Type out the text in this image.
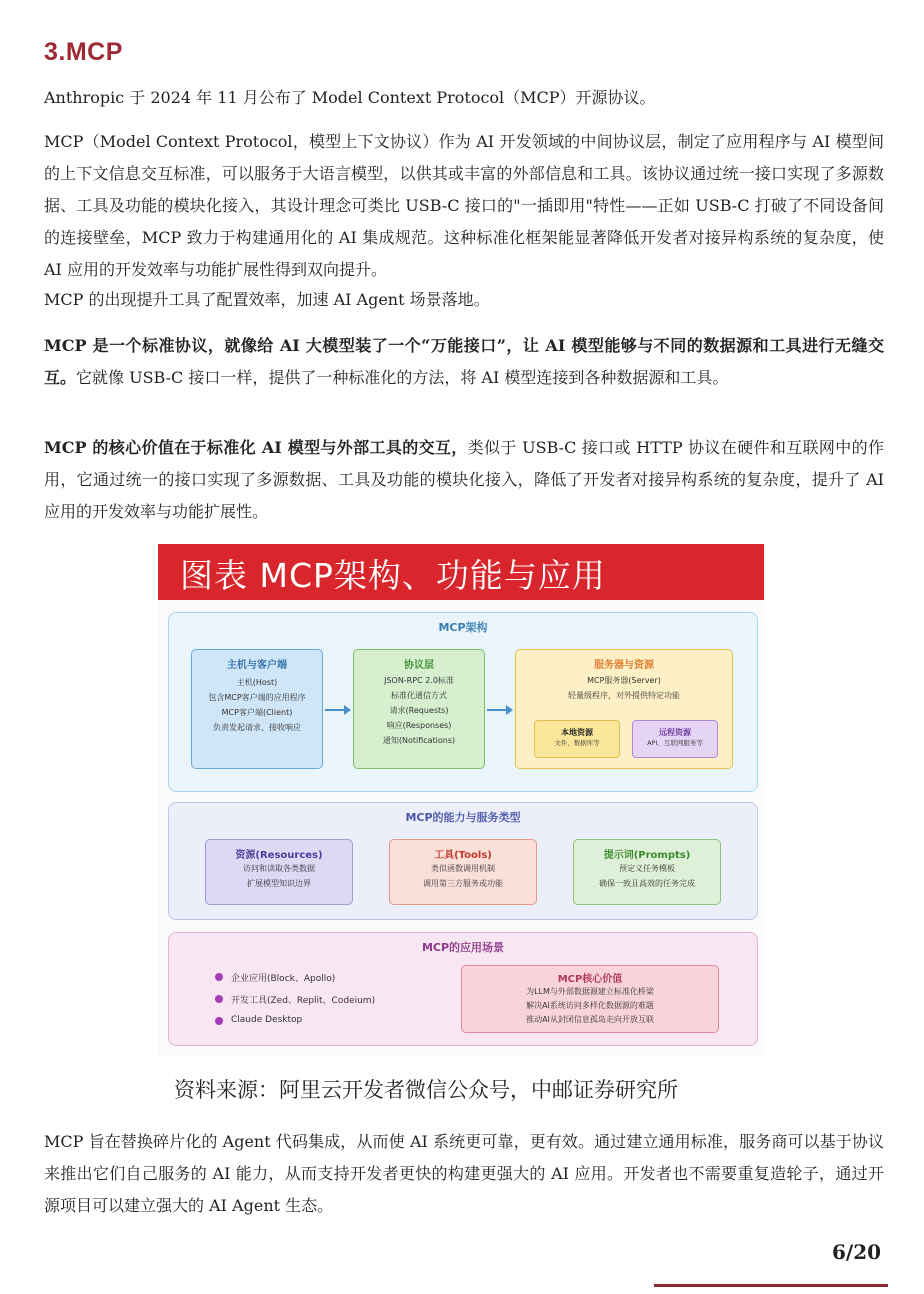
3.MCP

Anthropic 于 2024 年 11 月公布了 Model Context Protocol（MCP）开源协议。

MCP（Model Context Protocol，模型上下文协议）作为 AI 开发领域的中间协议层，制定了应用程序与 AI 模型间的上下文信息交互标准，可以服务于大语言模型，以供其或丰富的外部信息和工具。该协议通过统一接口实现了多源数据、工具及功能的模块化接入，其设计理念可类比 USB-C 接口的"一插即用"特性——正如 USB-C 打破了不同设备间的连接壁垒，MCP 致力于构建通用化的 AI 集成规范。这种标准化框架能显著降低开发者对接异构系统的复杂度，使 AI 应用的开发效率与功能扩展性得到双向提升。

MCP 的出现提升工具了配置效率，加速 AI Agent 场景落地。

MCP 是一个标准协议，就像给 AI 大模型装了一个“万能接口”，让 AI 模型能够与不同的数据源和工具进行无缝交互。它就像 USB-C 接口一样，提供了一种标准化的方法，将 AI 模型连接到各种数据源和工具。

MCP 的核心价值在于标准化 AI 模型与外部工具的交互，类似于 USB-C 接口或 HTTP 协议在硬件和互联网中的作用，它通过统一的接口实现了多源数据、工具及功能的模块化接入，降低了开发者对接异构系统的复杂度，提升了 AI 应用的开发效率与功能扩展性。

图表 MCP架构、功能与应用
MCP架构
主机与客户端
主机(Host)
包含MCP客户端的应用程序
MCP客户端(Client)
负责发起请求、接收响应
协议层
JSON-RPC 2.0标准
标准化通信方式
请求(Requests)
响应(Responses)
通知(Notifications)
服务器与资源
MCP服务器(Server)
轻量级程序，对外提供特定功能
本地资源
文件、数据库等
远程资源
API、互联网服务等
MCP的能力与服务类型
资源(Resources)
访问和读取各类数据
扩展模型知识边界
工具(Tools)
类似函数调用机制
调用第三方服务或功能
提示词(Prompts)
预定义任务模板
确保一致且高效的任务完成
MCP的应用场景
企业应用(Block、Apollo)
开发工具(Zed、Replit、Codeium)
Claude Desktop
MCP核心价值
为LLM与外部数据源建立标准化桥梁
解决AI系统访问多样化数据源的难题
推动AI从封闭信息孤岛走向开放互联
资料来源：阿里云开发者微信公众号，中邮证券研究所

MCP 旨在替换碎片化的 Agent 代码集成，从而使 AI 系统更可靠，更有效。通过建立通用标准，服务商可以基于协议来推出它们自己服务的 AI 能力，从而支持开发者更快的构建更强大的 AI 应用。开发者也不需要重复造轮子，通过开源项目可以建立强大的 AI Agent 生态。

6/20
